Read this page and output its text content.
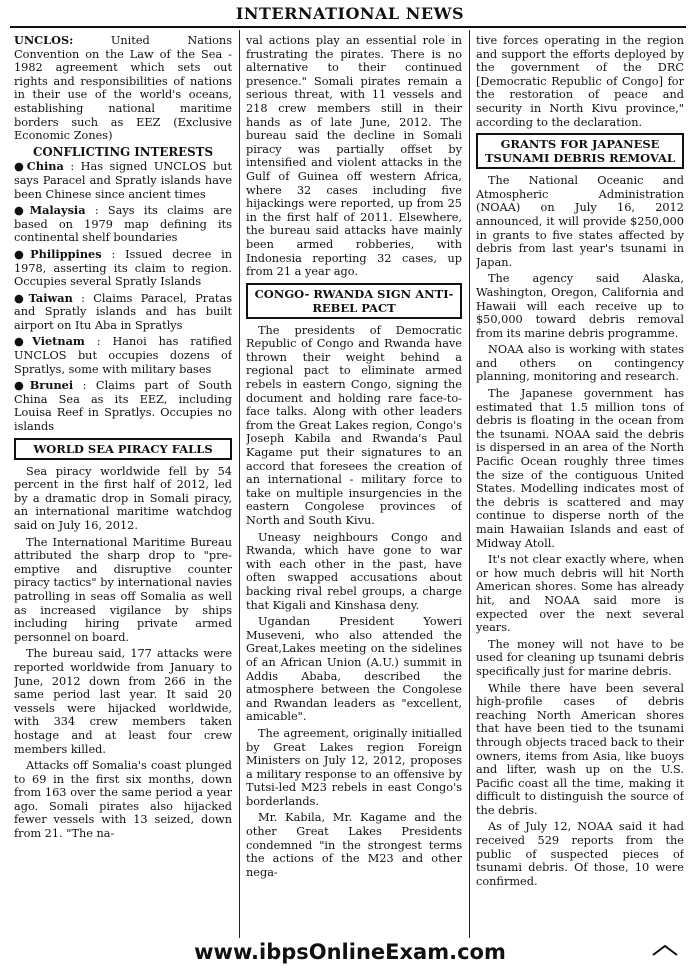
INTERNATIONAL NEWS

UNCLOS:	United Nations Convention on the Law of the Sea - 1982 agreement which sets out rights and responsibilities of nations in their use of the world's oceans, establishing national maritime borders such as EEZ (Exclusive Economic Zones)

CONFLICTING INTERESTS

●China : Has signed UNCLOS but says Paracel and Spratly islands have been Chinese since ancient times

●Malaysia : Says its claims are based on 1979 map defining its continental shelf boundaries

●Philippines : Issued decree in 1978, asserting its claim to region. Occupies several Spratly Islands

●Taiwan : Claims Paracel, Pratas and Spratly islands and has built airport on Itu Aba in Spratlys

●Vietnam : Hanoi has ratified UNCLOS but occupies dozens of Spratlys, some with military bases

●Brunei : Claims part of South China Sea as its EEZ, including Louisa Reef in Spratlys. Occupies no islands

WORLD SEA PIRACY FALLS

Sea piracy worldwide fell by 54 percent in the first half of 2012, led by a dramatic drop in Somali piracy, an international maritime watchdog said on July 16, 2012.

The International Maritime Bureau attributed the sharp drop to "pre-emptive and disruptive counter piracy tactics" by international navies patrolling in seas off Somalia as well as increased vigilance by ships including hiring private armed personnel on board.

The bureau said, 177 attacks were reported worldwide from January to June, 2012 down from 266 in the same period last year. It said 20 vessels were hijacked worldwide, with 334 crew members taken hostage and at least four crew members killed.

Attacks off Somalia's coast plunged to 69 in the first six months, down from 163 over the same period a year ago. Somali pirates also hijacked fewer vessels with 13 seized, down from 21. "The na-

val actions play an essential role in frustrating the pirates. There is no alternative to their continued presence." Somali pirates remain a serious threat, with 11 vessels and 218 crew members still in their hands as of late June, 2012. The bureau said the decline in Somali piracy was partially offset by intensified and violent attacks in the Gulf of Guinea off western Africa, where 32 cases including five hijackings were reported, up from 25 in the first half of 2011. Elsewhere, the bureau said attacks have mainly been armed robberies, with Indonesia reporting 32 cases, up from 21 a year ago.

CONGO- RWANDA SIGN ANTI-REBEL PACT

The presidents of Democratic Republic of Congo and Rwanda have thrown their weight behind a regional pact to eliminate armed rebels in eastern Congo, signing the document and holding rare face-to-face talks. Along with other leaders from the Great Lakes region, Congo's Joseph Kabila and Rwanda's Paul Kagame put their signatures to an accord that foresees the creation of an international - military force to take on multiple insurgencies in the eastern Congolese provinces of North and South Kivu.

Uneasy neighbours Congo and Rwanda, which have gone to war with each other in the past, have often swapped accusations about backing rival rebel groups, a charge that Kigali and Kinshasa deny.

Ugandan President Yoweri Museveni, who also attended the Great,Lakes meeting on the sidelines of an African Union (A.U.) summit in Addis Ababa, described the atmosphere between the Congolese and Rwandan leaders as "excellent, amicable".

The agreement, originally initialled by Great Lakes region Foreign Ministers on July 12, 2012, proposes a military response to an offensive by Tutsi-led M23 rebels in east Congo's borderlands.

Mr. Kabila, Mr. Kagame and the other Great Lakes Presidents condemned "in the strongest terms the actions of the M23 and other nega-

tive forces operating in the region and support the efforts deployed by the government of the DRC [Democratic Republic of Congo] for the restoration of peace and security in North Kivu province," according to the declaration.

GRANTS FOR JAPANESE TSUNAMI DEBRIS REMOVAL

The National Oceanic and Atmospheric Administration (NOAA) on July 16, 2012 announced, it will provide $250,000 in grants to five states affected by debris from last year's tsunami in Japan.

The agency said Alaska, Washington, Oregon, California and Hawaii will each receive up to $50,000 toward debris removal from its marine debris programme.

NOAA also is working with states and others on contingency planning, monitoring and research.

The Japanese government has estimated that 1.5 million tons of debris is floating in the ocean from the tsunami. NOAA said the debris is dispersed in an area of the North Pacific Ocean roughly three times the size of the contiguous United States. Modelling indicates most of the debris is scattered and may continue to disperse north of the main Hawaiian Islands and east of Midway Atoll.

It's not clear exactly where, when or how much debris will hit North American shores. Some has already hit, and NOAA said more is expected over the next several years.

The money will not have to be used for cleaning up tsunami debris specifically just for marine debris.

While there have been several high-profile cases of debris reaching North American shores that have been tied to the tsunami through objects traced back to their owners, items from Asia, like buoys and lifter, wash up on the U.S. Pacific coast all the time, making it difficult to distinguish the source of the debris.

As of July 12, NOAA said it had received 529 reports from the public of suspected pieces of tsunami debris. Of those, 10 were confirmed.

www.ibpsOnlineExam.com
